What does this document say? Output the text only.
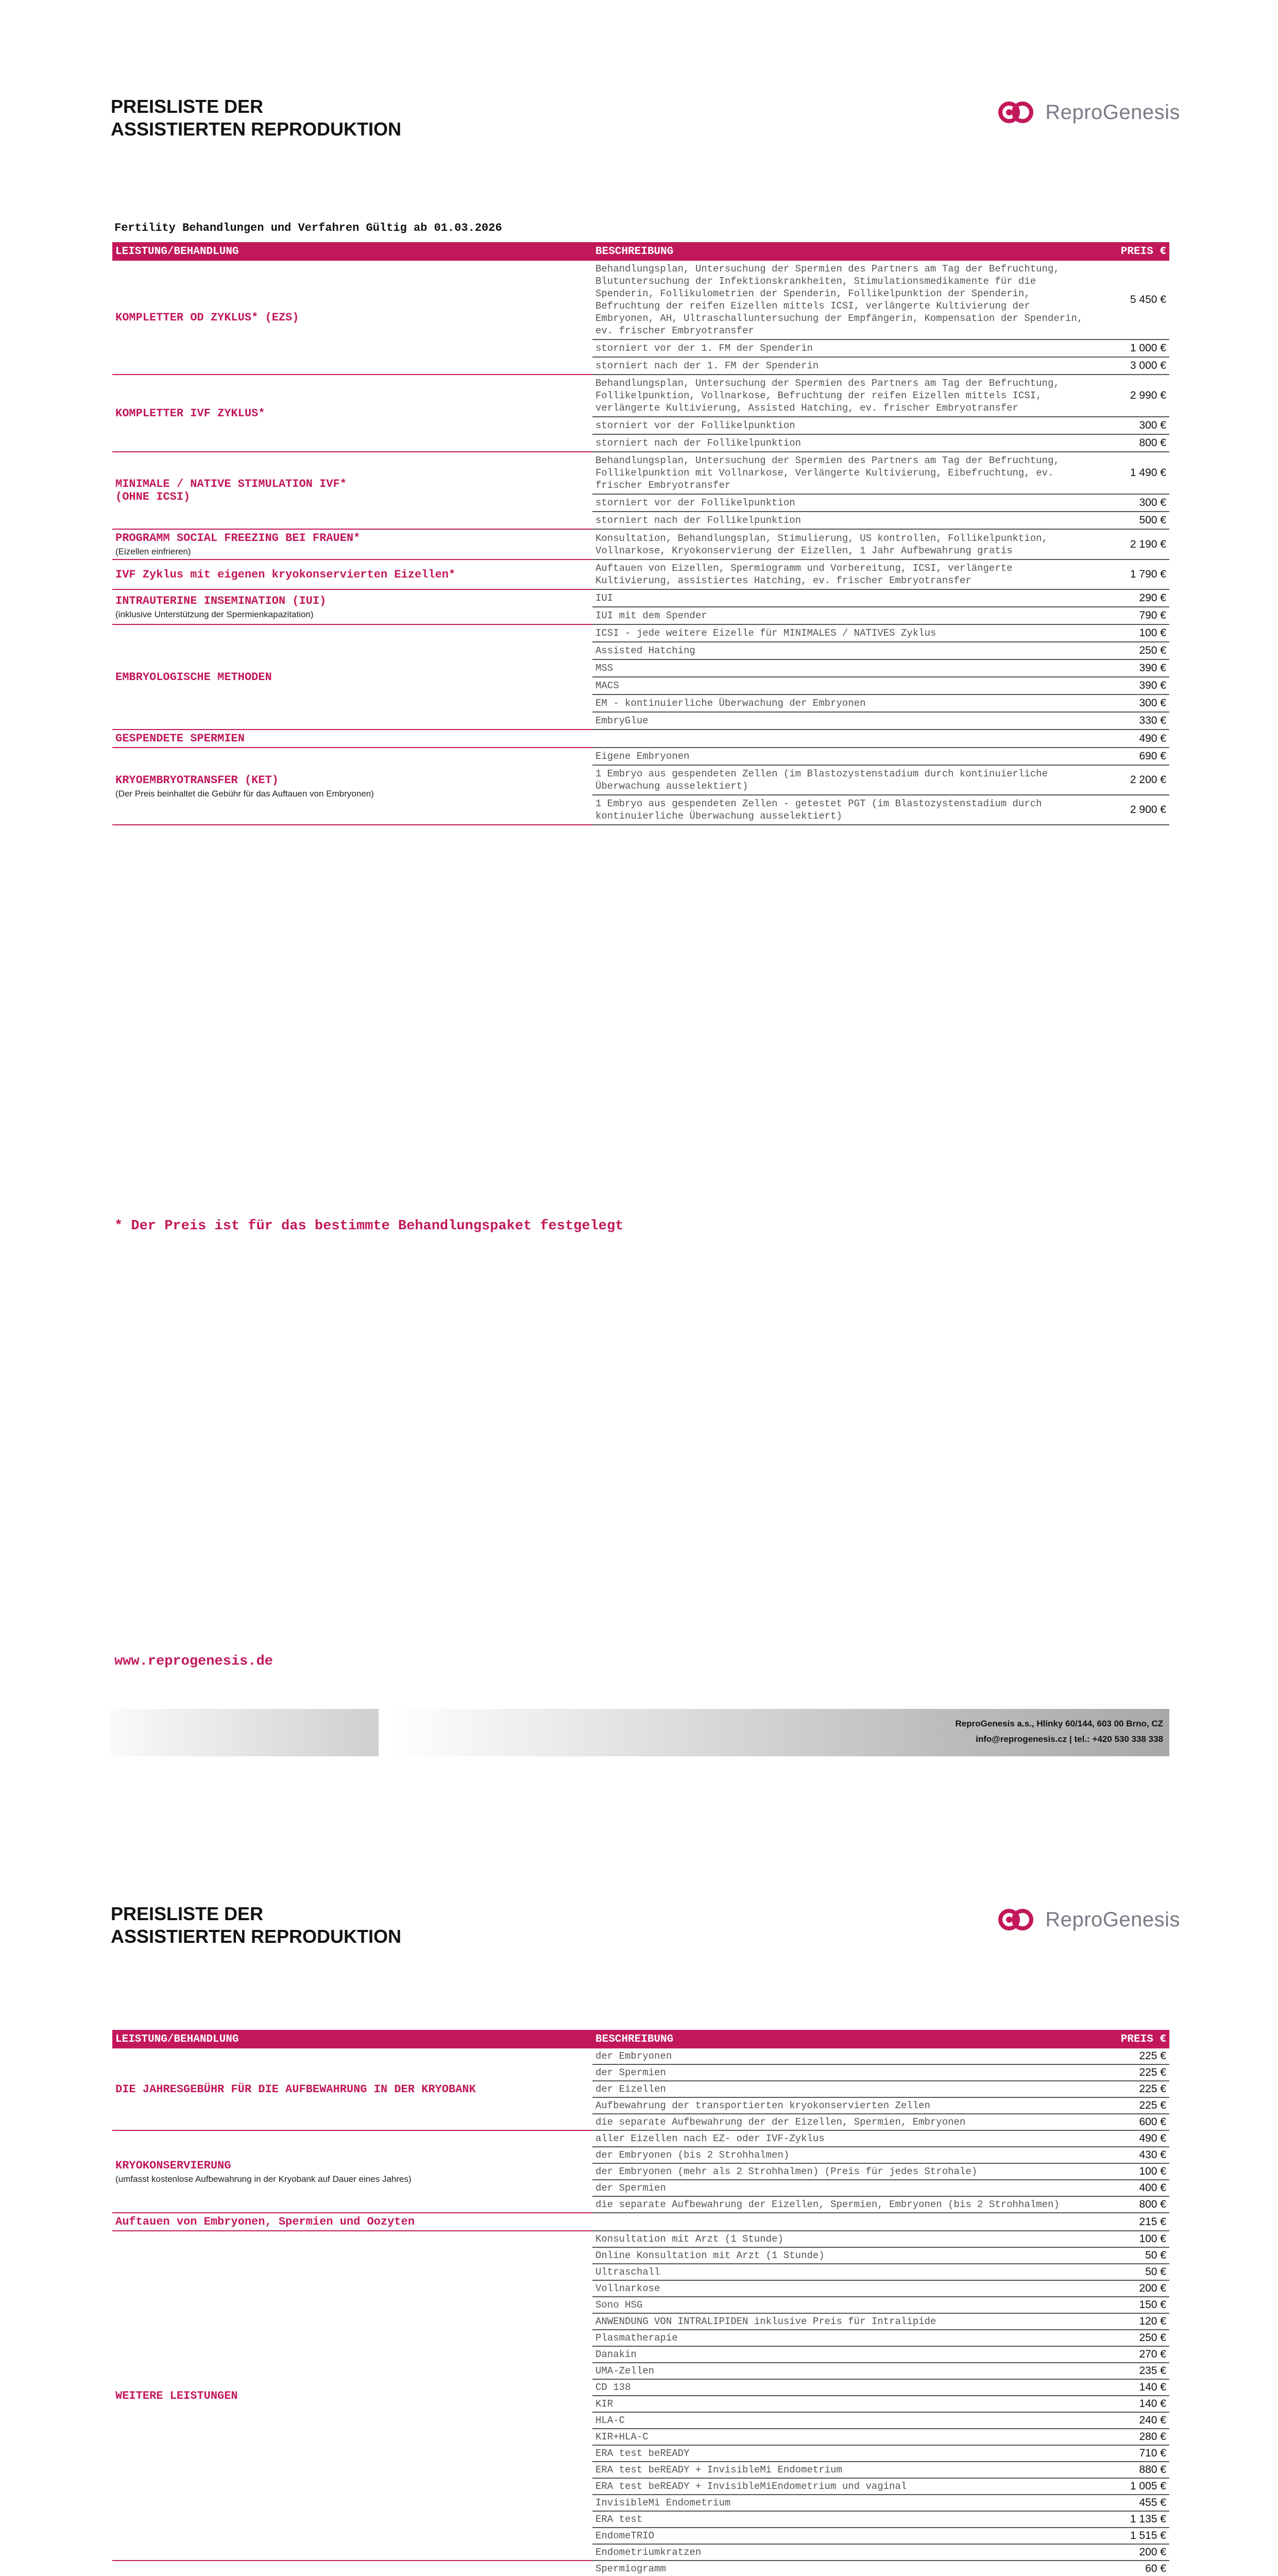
PREISLISTE DER
ASSISTIERTEN REPRODUKTION
ReproGenesis
Fertility Behandlungen und Verfahren Gültig ab 01.03.2026
LEISTUNG/BEHANDLUNG	BESCHREIBUNG	PREIS €
KOMPLETTER OD ZYKLUS* (EZS)	Behandlungsplan, Untersuchung der Spermien des Partners am Tag der Befruchtung, Blutuntersuchung der Infektionskrankheiten, Stimulationsmedikamente für die Spenderin, Follikulometrien der Spenderin, Follikelpunktion der Spenderin, Befruchtung der reifen Eizellen mittels ICSI, verlängerte Kultivierung der Embryonen, AH, Ultraschalluntersuchung der Empfängerin, Kompensation der Spenderin, ev. frischer Embryotransfer	5 450 €
	storniert vor der 1. FM der Spenderin	1 000 €
	storniert nach der 1. FM der Spenderin	3 000 €
KOMPLETTER IVF ZYKLUS*	Behandlungsplan, Untersuchung der Spermien des Partners am Tag der Befruchtung, Follikelpunktion, Vollnarkose, Befruchtung der reifen Eizellen mittels ICSI, verlängerte Kultivierung, Assisted Hatching, ev. frischer Embryotransfer	2 990 €
	storniert vor der Follikelpunktion	300 €
	storniert nach der Follikelpunktion	800 €
MINIMALE / NATIVE STIMULATION IVF*
(OHNE ICSI)	Behandlungsplan, Untersuchung der Spermien des Partners am Tag der Befruchtung, Follikelpunktion mit Vollnarkose, Verlängerte Kultivierung, Eibefruchtung, ev. frischer Embryotransfer	1 490 €
	storniert vor der Follikelpunktion	300 €
	storniert nach der Follikelpunktion	500 €
PROGRAMM SOCIAL FREEZING BEI FRAUEN*
(Eizellen einfrieren)	Konsultation, Behandlungsplan, Stimulierung, US kontrollen, Follikelpunktion, Vollnarkose, Kryokonservierung der Eizellen, 1 Jahr Aufbewahrung gratis	2 190 €
IVF Zyklus mit eigenen kryokonservierten Eizellen*	Auftauen von Eizellen, Spermiogramm und Vorbereitung, ICSI, verlängerte Kultivierung, assistiertes Hatching, ev. frischer Embryotransfer	1 790 €
INTRAUTERINE INSEMINATION (IUI)
(inklusive Unterstützung der Spermienkapazitation)	IUI	290 €
	IUI mit dem Spender	790 €
EMBRYOLOGISCHE METHODEN	ICSI - jede weitere Eizelle für MINIMALES / NATIVES Zyklus	100 €
	Assisted Hatching	250 €
	MSS	390 €
	MACS	390 €
	EM - kontinuierliche Überwachung der Embryonen	300 €
	EmbryGlue	330 €
GESPENDETE SPERMIEN		490 €
KRYOEMBRYOTRANSFER (KET)
(Der Preis beinhaltet die Gebühr für das Auftauen von Embryonen)	Eigene Embryonen	690 €
	1 Embryo aus gespendeten Zellen (im Blastozystenstadium durch kontinuierliche Überwachung ausselektiert)	2 200 €
	1 Embryo aus gespendeten Zellen - getestet PGT (im Blastozystenstadium durch kontinuierliche Überwachung ausselektiert)	2 900 €
* Der Preis ist für das bestimmte Behandlungspaket festgelegt
www.reprogenesis.de
ReproGenesis a.s., Hlinky 60/144, 603 00 Brno, CZ
info@reprogenesis.cz | tel.: +420 530 338 338
PREISLISTE DER
ASSISTIERTEN REPRODUKTION
ReproGenesis
LEISTUNG/BEHANDLUNG	BESCHREIBUNG	PREIS €
DIE JAHRESGEBÜHR FÜR DIE AUFBEWAHRUNG IN DER KRYOBANK	der Embryonen	225 €
	der Spermien	225 €
	der Eizellen	225 €
	Aufbewahrung der transportierten kryokonservierten Zellen	225 €
	die separate Aufbewahrung der der Eizellen, Spermien, Embryonen	600 €
KRYOKONSERVIERUNG
(umfasst kostenlose Aufbewahrung in der Kryobank auf Dauer eines Jahres)	aller Eizellen nach EZ- oder IVF-Zyklus	490 €
	der Embryonen (bis 2 Strohhalmen)	430 €
	der Embryonen (mehr als 2 Strohhalmen) (Preis für jedes Strohale)	100 €
	der Spermien	400 €
	die separate Aufbewahrung der Eizellen, Spermien, Embryonen (bis 2 Strohhalmen)	800 €
Auftauen von Embryonen, Spermien und Oozyten		215 €
WEITERE LEISTUNGEN	Konsultation mit Arzt (1 Stunde)	100 €
	Online Konsultation mit Arzt (1 Stunde)	50 €
	Ultraschall	50 €
	Vollnarkose	200 €
	Sono HSG	150 €
	ANWENDUNG VON INTRALIPIDEN inklusive Preis für Intralipide	120 €
	Plasmatherapie	250 €
	Danakin	270 €
	UMA-Zellen	235 €
	CD 138	140 €
	KIR	140 €
	HLA-C	240 €
	KIR+HLA-C	280 €
	ERA test beREADY	710 €
	ERA test beREADY + InvisibleMi Endometrium	880 €
	ERA test beREADY + InvisibleMiEndometrium und vaginal	1 005 €
	InvisibleMi Endometrium	455 €
	ERA test	1 135 €
	EndomeTRIO	1 515 €
	Endometriumkratzen	200 €
	Spermiogramm	60 €
